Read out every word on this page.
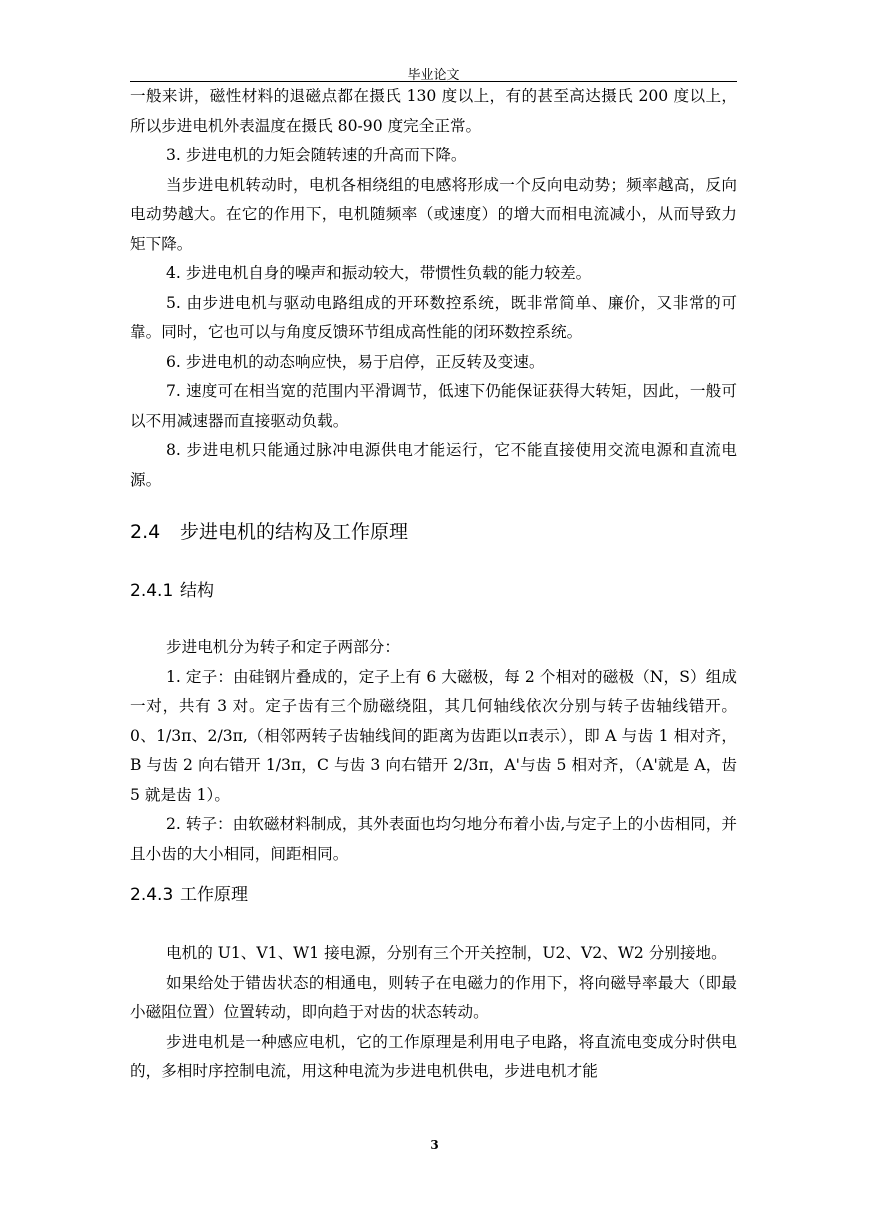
毕业论文

一般来讲，磁性材料的退磁点都在摄氏 130 度以上，有的甚至高达摄氏 200 度以上，所以步进电机外表温度在摄氏 80-90 度完全正常。

3. 步进电机的力矩会随转速的升高而下降。

当步进电机转动时，电机各相绕组的电感将形成一个反向电动势；频率越高，反向电动势越大。在它的作用下，电机随频率（或速度）的增大而相电流减小，从而导致力矩下降。

4. 步进电机自身的噪声和振动较大，带惯性负载的能力较差。

5. 由步进电机与驱动电路组成的开环数控系统，既非常简单、廉价，又非常的可靠。同时，它也可以与角度反馈环节组成高性能的闭环数控系统。

6. 步进电机的动态响应快，易于启停，正反转及变速。

7. 速度可在相当宽的范围内平滑调节，低速下仍能保证获得大转矩，因此，一般可以不用减速器而直接驱动负载。

8. 步进电机只能通过脉冲电源供电才能运行，它不能直接使用交流电源和直流电源。

2.4 步进电机的结构及工作原理
2.4.1 结构

步进电机分为转子和定子两部分：

1. 定子：由硅钢片叠成的，定子上有 6 大磁极，每 2 个相对的磁极（N，S）组成一对，共有 3 对。定子齿有三个励磁绕阻，其几何轴线依次分别与转子齿轴线错开。 0、1/3π、2/3π,（相邻两转子齿轴线间的距离为齿距以π表示），即 A 与齿 1 相对齐，B 与齿 2 向右错开 1/3π，C 与齿 3 向右错开 2/3π，A'与齿 5 相对齐，（A'就是 A，齿 5 就是齿 1）。

2. 转子：由软磁材料制成，其外表面也均匀地分布着小齿,与定子上的小齿相同，并且小齿的大小相同，间距相同。

2.4.3 工作原理

电机的 U1、V1、W1 接电源，分别有三个开关控制，U2、V2、W2 分别接地。

如果给处于错齿状态的相通电，则转子在电磁力的作用下，将向磁导率最大（即最小磁阻位置）位置转动，即向趋于对齿的状态转动。

步进电机是一种感应电机，它的工作原理是利用电子电路，将直流电变成分时供电的，多相时序控制电流，用这种电流为步进电机供电，步进电机才能

3
